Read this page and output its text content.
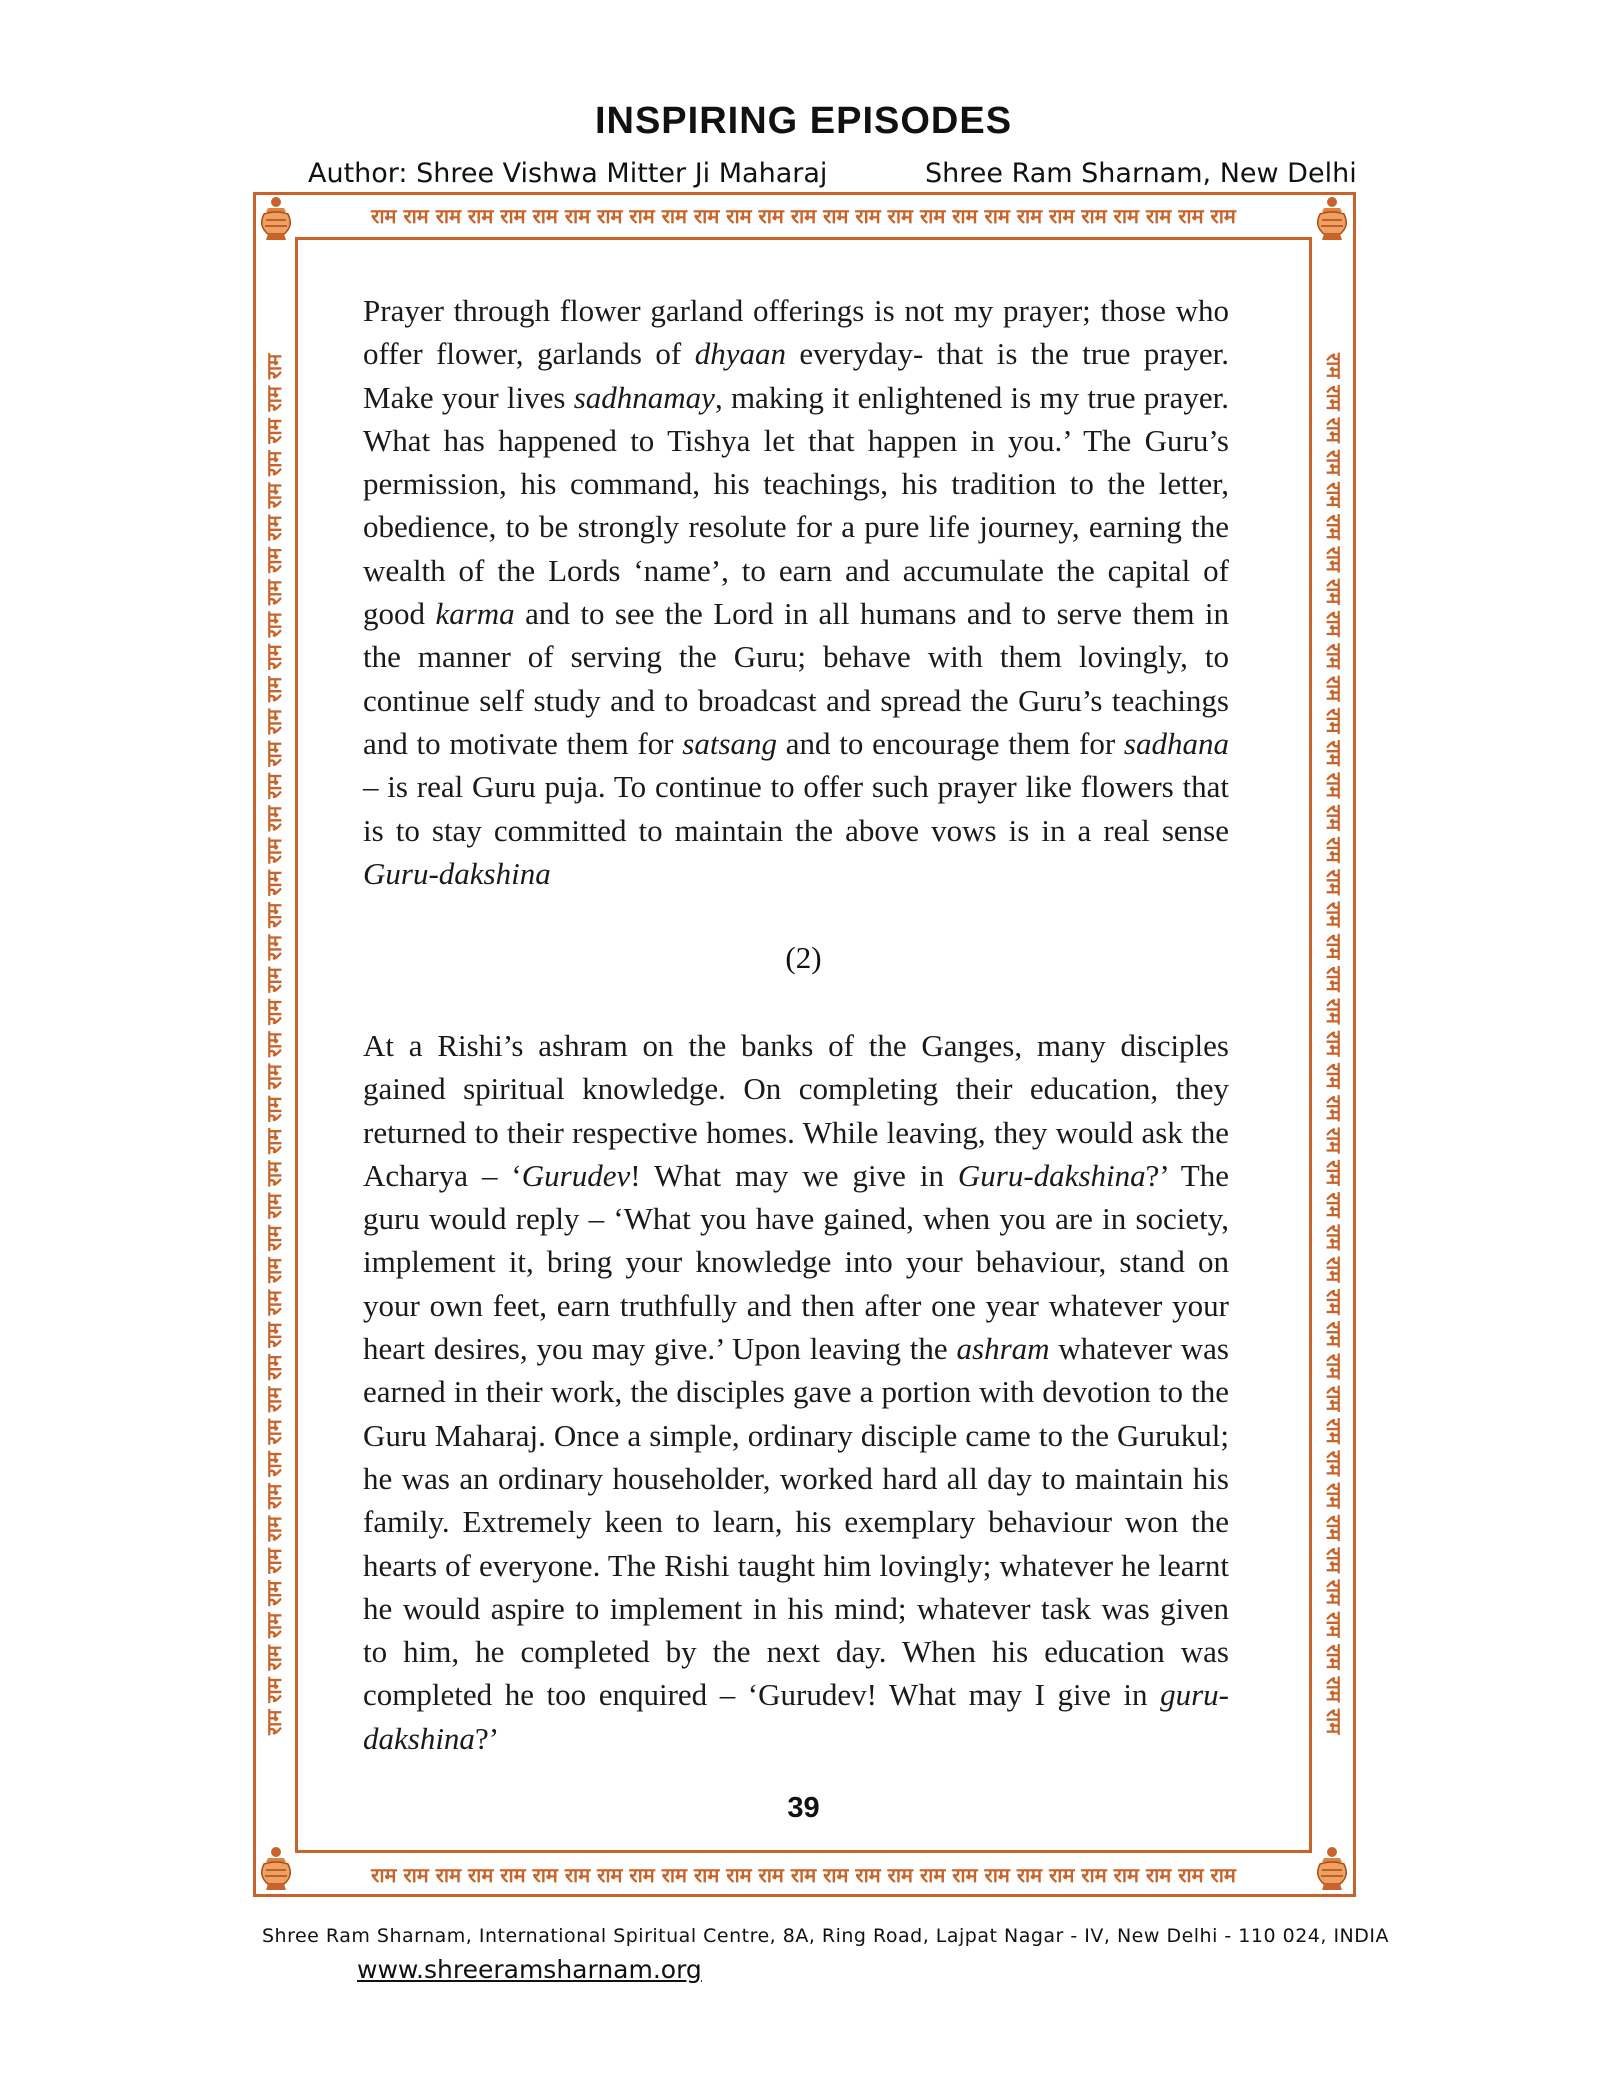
INSPIRING EPISODES
Author: Shree Vishwa Mitter Ji Maharaj	Shree Ram Sharnam, New Delhi
राम राम राम राम राम राम राम राम राम राम राम राम राम राम राम राम राम राम राम राम राम राम राम राम राम राम राम
राम राम राम राम राम राम राम राम राम राम राम राम राम राम राम राम राम राम राम राम राम राम राम राम राम राम राम
राम राम राम राम राम राम राम राम राम राम राम राम राम राम राम राम राम राम राम राम राम राम राम राम राम राम राम राम राम राम राम राम राम राम राम राम राम राम राम राम राम राम राम	राम राम राम राम राम राम राम राम राम राम राम राम राम राम राम राम राम राम राम राम राम राम राम राम राम राम राम राम राम राम राम राम राम राम राम राम राम राम राम राम राम राम राम

Prayer through flower garland offerings is not my prayer; those who offer flower, garlands of dhyaan everyday- that is the true prayer. Make your lives sadhnamay, making it enlightened is my true prayer. What has happened to Tishya let that happen in you.’ The Guru’s permission, his command, his teachings, his tradition to the letter, obedience, to be strongly resolute for a pure life journey, earning the wealth of the Lords ‘name’, to earn and accumulate the capital of good karma and to see the Lord in all humans and to serve them in the manner of serving the Guru; behave with them lovingly, to continue self study and to broadcast and spread the Guru’s teachings and to motivate them for satsang and to encourage them for sadhana – is real Guru puja. To continue to offer such prayer like flowers that is to stay committed to maintain the above vows is in a real sense Guru-dakshina

(2)

At a Rishi’s ashram on the banks of the Ganges, many disciples gained spiritual knowledge. On completing their education, they returned to their respective homes. While leaving, they would ask the Acharya – ‘Gurudev! What may we give in Guru-dakshina?’ The guru would reply – ‘What you have gained, when you are in society, implement it, bring your knowledge into your behaviour, stand on your own feet, earn truthfully and then after one year whatever your heart desires, you may give.’ Upon leaving the ashram whatever was earned in their work, the disciples gave a portion with devotion to the Guru Maharaj. Once a simple, ordinary disciple came to the Gurukul; he was an ordinary householder, worked hard all day to maintain his family. Extremely keen to learn, his exemplary behaviour won the hearts of everyone. The Rishi taught him lovingly; whatever he learnt he would aspire to implement in his mind; whatever task was given to him, he completed by the next day. When his education was completed he too enquired – ‘Gurudev! What may I give in guru-dakshina?’

39
Shree Ram Sharnam, International Spiritual Centre, 8A, Ring Road, Lajpat Nagar - IV, New Delhi - 110 024, INDIA
www.shreeramsharnam.org
